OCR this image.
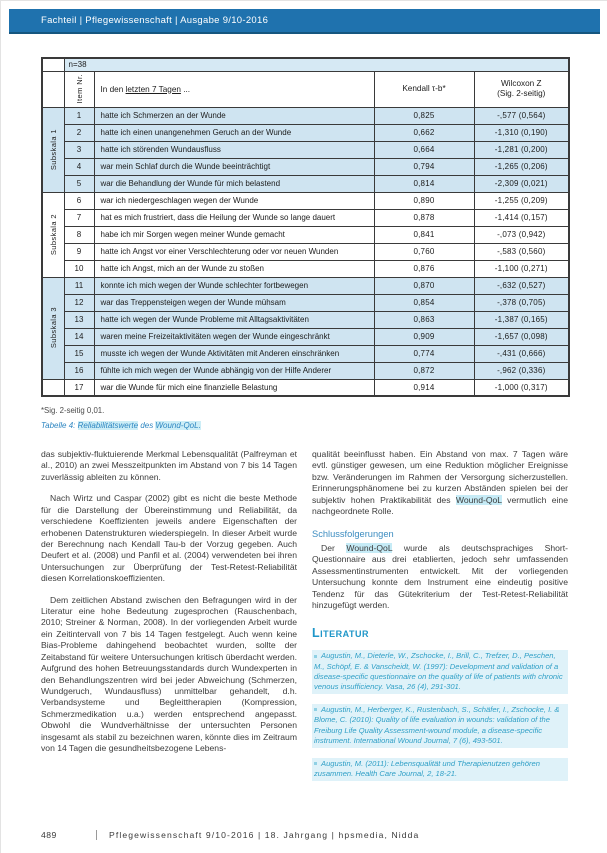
Fachteil | Pflegewissenschaft | Ausgabe 9/10-2016
	n=38			

	Item Nr.	In den letzten 7 Tagen ...	Kendall τ-b*	Wilcoxon Z
(Sig. 2-seitig)

Subskala 1	1	hatte ich Schmerzen an der Wunde	0,825	-,577 (0,564)
	2	hatte ich einen unangenehmen Geruch an der Wunde	0,662	-1,310 (0,190)
	3	hatte ich störenden Wundausfluss	0,664	-1,281 (0,200)
	4	war mein Schlaf durch die Wunde beeinträchtigt	0,794	-1,265 (0,206)
	5	war die Behandlung der Wunde für mich belastend	0,814	-2,309 (0,021)

Subskala 2	6	war ich niedergeschlagen wegen der Wunde	0,890	-1,255 (0,209)
	7	hat es mich frustriert, dass die Heilung der Wunde so lange dauert	0,878	-1,414 (0,157)
	8	habe ich mir Sorgen wegen meiner Wunde gemacht	0,841	-,073 (0,942)
	9	hatte ich Angst vor einer Verschlechterung oder vor neuen Wunden	0,760	-,583 (0,560)
	10	hatte ich Angst, mich an der Wunde zu stoßen	0,876	-1,100 (0,271)

Subskala 3	11	konnte ich mich wegen der Wunde schlechter fortbewegen	0,870	-,632 (0,527)
	12	war das Treppensteigen wegen der Wunde mühsam	0,854	-,378 (0,705)
	13	hatte ich wegen der Wunde Probleme mit Alltagsaktivitäten	0,863	-1,387 (0,165)
	14	waren meine Freizeitaktivitäten wegen der Wunde eingeschränkt	0,909	-1,657 (0,098)
	15	musste ich wegen der Wunde Aktivitäten mit Anderen einschränken	0,774	-,431 (0,666)
	16	fühlte ich mich wegen der Wunde abhängig von der Hilfe Anderer	0,872	-,962 (0,336)
	17	war die Wunde für mich eine finanzielle Belastung	0,914	-1,000 (0,317)
*Sig. 2-seitig 0,01.
Tabelle 4: Reliabilitätswerte des Wound-QoL.

das subjektiv-fluktuierende Merkmal Lebensqualität (Palfreyman et al., 2010) an zwei Messzeitpunkten im Abstand von 7 bis 14 Tagen zuverlässig ableiten zu können.

Nach Wirtz und Caspar (2002) gibt es nicht die beste Methode für die Darstellung der Übereinstimmung und Reliabilität, da verschiedene Koeffizienten jeweils andere Eigenschaften der erhobenen Datenstrukturen wiederspiegeln. In dieser Arbeit wurde der Berechnung nach Kendall Tau-b der Vorzug gegeben. Auch Deufert et al. (2008) und Panfil et al. (2004) verwendeten bei ihren Untersuchungen zur Überprüfung der Test-Retest-Reliabilität diesen Korrelationskoeffizienten.

Dem zeitlichen Abstand zwischen den Befragungen wird in der Literatur eine hohe Bedeutung zugesprochen (Rauschenbach, 2010; Streiner & Norman, 2008). In der vorliegenden Arbeit wurde ein Zeitintervall von 7 bis 14 Tagen festgelegt. Auch wenn keine Bias-Probleme dahingehend beobachtet wurden, sollte der Zeitabstand für weitere Untersuchungen kritisch überdacht werden. Aufgrund des hohen Betreuungsstandards durch Wundexperten in den Behandlungszentren wird bei jeder Abweichung (Schmerzen, Wundgeruch, Wundausfluss) unmittelbar gehandelt, d.h. Verbandsysteme und Begleittherapien (Kompression, Schmerzmedikation u.a.) werden entsprechend angepasst. Obwohl die Wundverhältnisse der untersuchten Personen insgesamt als stabil zu bezeichnen waren, könnte dies im Zeitraum von 14 Tagen die gesundheitsbezogene Lebens-

qualität beeinflusst haben. Ein Abstand von max. 7 Tagen wäre evtl. günstiger gewesen, um eine Reduktion möglicher Ereignisse bzw. Veränderungen im Rahmen der Versorgung sicherzustellen. Erinnerungsphänomene bei zu kurzen Abständen spielen bei der subjektiv hohen Praktikabilität des Wound-QoL vermutlich eine nachgeordnete Rolle.

Schlussfolgerungen

Der Wound-QoL wurde als deutschsprachiges Short-Questionnaire aus drei etablierten, jedoch sehr umfassenden Assessmentinstrumenten entwickelt. Mit der vorliegenden Untersuchung konnte dem Instrument eine eindeutig positive Tendenz für das Gütekriterium der Test-Retest-Reliabilität hinzugefügt werden.

Literatur

Augustin, M., Dieterle, W., Zschocke, I., Brill, C., Trefzer, D., Peschen, M., Schöpf, E. & Vanscheidt, W. (1997): Development and validation of a disease-specific questionnaire on the quality of life of patients with chronic venous insufficiency. Vasa, 26 (4), 291-301.

Augustin, M., Herberger, K., Rustenbach, S., Schäfer, I., Zschocke, I. & Blome, C. (2010): Quality of life evaluation in wounds: validation of the Freiburg Life Quality Assessment-wound module, a disease-specific instrument. International Wound Journal, 7 (6), 493-501.

Augustin, M. (2011): Lebensqualität und Therapienutzen gehören zusammen. Health Care Journal, 2, 18-21.

489	Pflegewissenschaft 9/10-2016 | 18. Jahrgang | hpsmedia, Nidda
